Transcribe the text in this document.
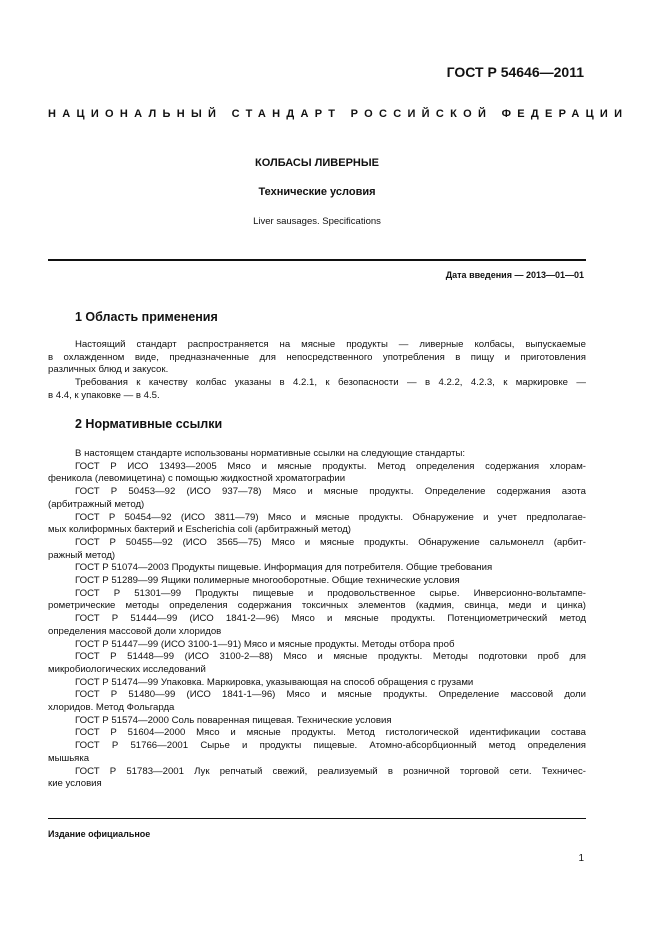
ГОСТ Р 54646—2011
НАЦИОНАЛЬНЫЙ СТАНДАРТ РОССИЙСКОЙ ФЕДЕРАЦИИ
КОЛБАСЫ ЛИВЕРНЫЕ
Технические условия
Liver sausages. Specifications
Дата введения — 2013—01—01
1 Область применения
Настоящий стандарт распространяется на мясные продукты — ливерные колбасы, выпускаемые
в охлажденном виде, предназначенные для непосредственного употребления в пищу и приготовления
различных блюд и закусок.
Требования к качеству колбас указаны в 4.2.1, к безопасности — в 4.2.2, 4.2.3, к маркировке —
в 4.4, к упаковке — в 4.5.
2 Нормативные ссылки
В настоящем стандарте использованы нормативные ссылки на следующие стандарты:
ГОСТ Р ИСО 13493—2005 Мясо и мясные продукты. Метод определения содержания хлорам-
феникола (левомицетина) с помощью жидкостной хроматографии
ГОСТ Р 50453—92 (ИСО 937—78) Мясо и мясные продукты. Определение содержания азота
(арбитражный метод)
ГОСТ Р 50454—92 (ИСО 3811—79) Мясо и мясные продукты. Обнаружение и учет предполагае-
мых колиформных бактерий и Escherichia coli (арбитражный метод)
ГОСТ Р 50455—92 (ИСО 3565—75) Мясо и мясные продукты. Обнаружение сальмонелл (арбит-
ражный метод)
ГОСТ Р 51074—2003 Продукты пищевые. Информация для потребителя. Общие требования
ГОСТ Р 51289—99 Ящики полимерные многооборотные. Общие технические условия
ГОСТ Р 51301—99 Продукты пищевые и продовольственное сырье. Инверсионно-вольтампе-
рометрические методы определения содержания токсичных элементов (кадмия, свинца, меди и цинка)
ГОСТ Р 51444—99 (ИСО 1841-2—96) Мясо и мясные продукты. Потенциометрический метод
определения массовой доли хлоридов
ГОСТ Р 51447—99 (ИСО 3100-1—91) Мясо и мясные продукты. Методы отбора проб
ГОСТ Р 51448—99 (ИСО 3100-2—88) Мясо и мясные продукты. Методы подготовки проб для
микробиологических исследований
ГОСТ Р 51474—99 Упаковка. Маркировка, указывающая на способ обращения с грузами
ГОСТ Р 51480—99 (ИСО 1841-1—96) Мясо и мясные продукты. Определение массовой доли
хлоридов. Метод Фольгарда
ГОСТ Р 51574—2000 Соль поваренная пищевая. Технические условия
ГОСТ Р 51604—2000 Мясо и мясные продукты. Метод гистологической идентификации состава
ГОСТ Р 51766—2001 Сырье и продукты пищевые. Атомно-абсорбционный метод определения
мышьяка
ГОСТ Р 51783—2001 Лук репчатый свежий, реализуемый в розничной торговой сети. Техничес-
кие условия
Издание официальное
1
